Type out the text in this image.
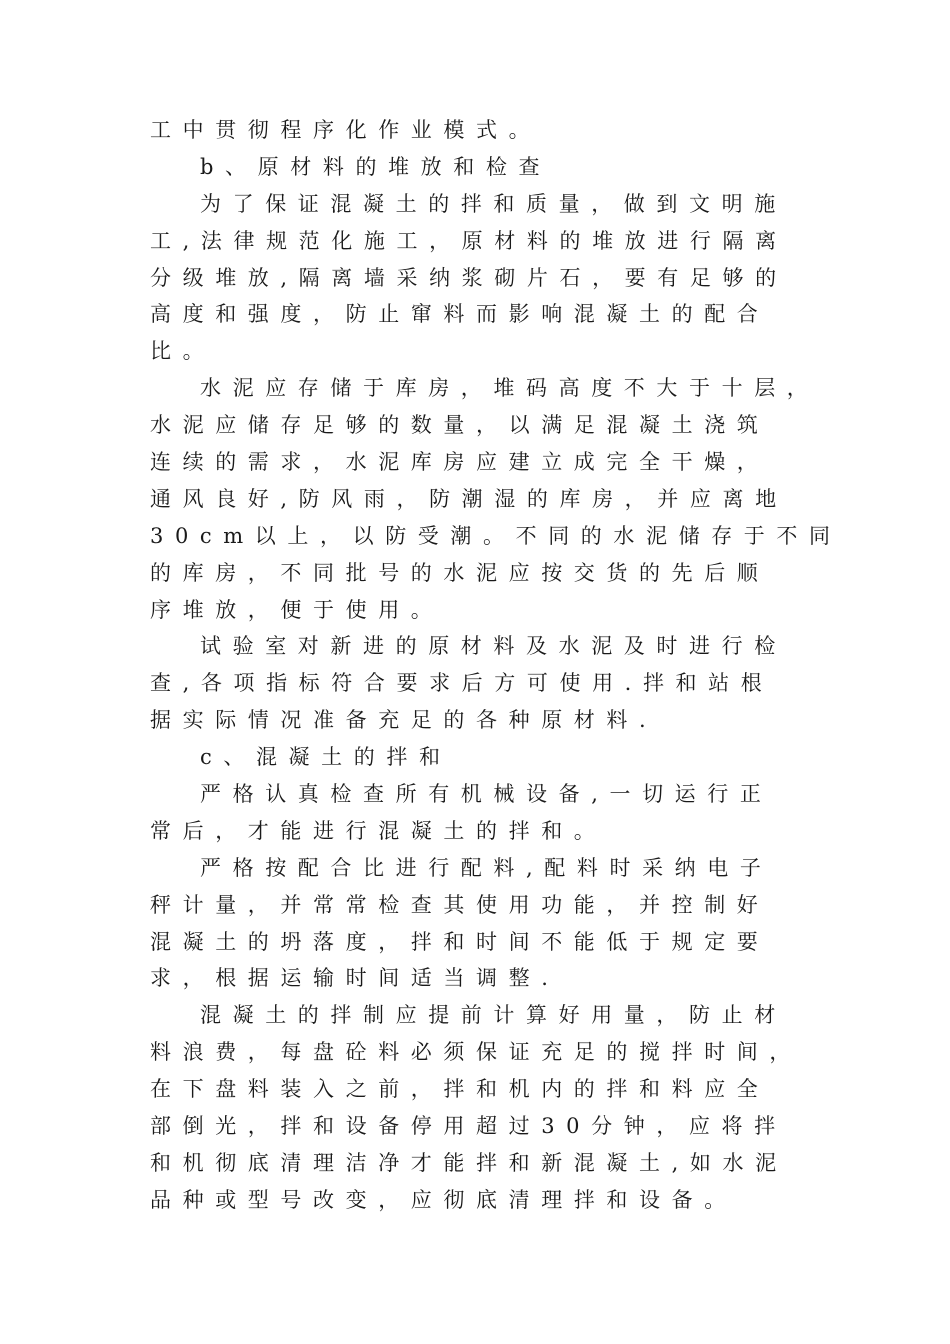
工中贯彻程序化作业模式。
b、原材料的堆放和检查
为了保证混凝土的拌和质量，做到文明施
工,法律规范化施工，原材料的堆放进行隔离
分级堆放,隔离墙采纳浆砌片石，要有足够的
高度和强度，防止窜料而影响混凝土的配合
比。
水泥应存储于库房，堆码高度不大于十层，
水泥应储存足够的数量，以满足混凝土浇筑
连续的需求，水泥库房应建立成完全干燥，
通风良好,防风雨，防潮湿的库房，并应离地
30cm以上，以防受潮。不同的水泥储存于不同
的库房，不同批号的水泥应按交货的先后顺
序堆放，便于使用。
试验室对新进的原材料及水泥及时进行检
查,各项指标符合要求后方可使用.拌和站根
据实际情况准备充足的各种原材料.
c、混凝土的拌和
严格认真检查所有机械设备,一切运行正
常后，才能进行混凝土的拌和。
严格按配合比进行配料,配料时采纳电子
秤计量，并常常检查其使用功能，并控制好
混凝土的坍落度，拌和时间不能低于规定要
求，根据运输时间适当调整.
混凝土的拌制应提前计算好用量，防止材
料浪费，每盘砼料必须保证充足的搅拌时间，
在下盘料装入之前，拌和机内的拌和料应全
部倒光，拌和设备停用超过30分钟，应将拌
和机彻底清理洁净才能拌和新混凝土,如水泥
品种或型号改变，应彻底清理拌和设备。
